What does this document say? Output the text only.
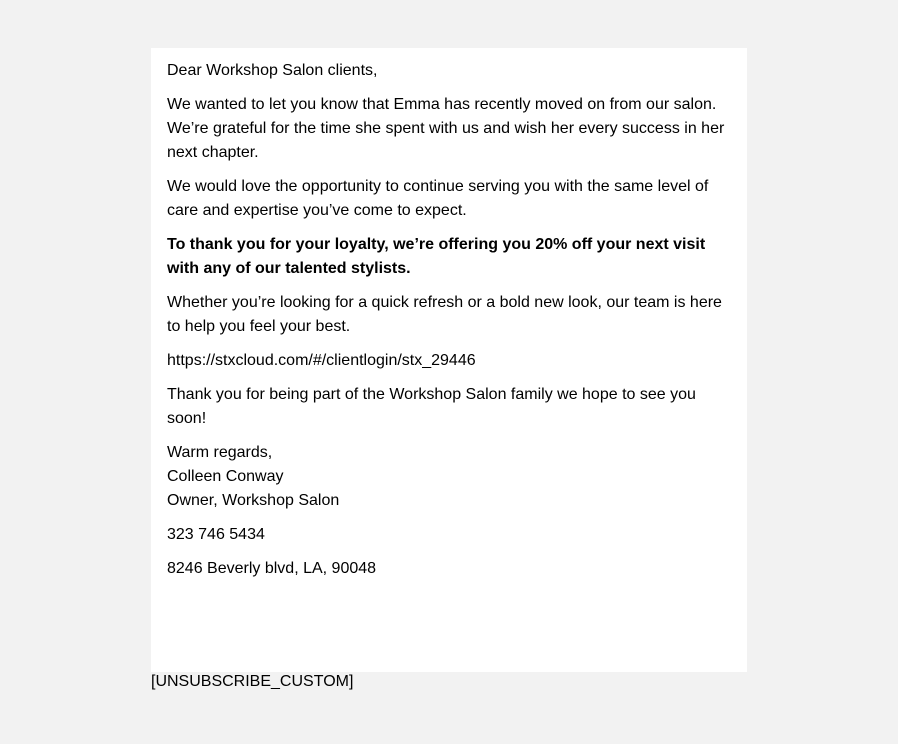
Dear Workshop Salon clients,

We wanted to let you know that Emma has recently moved on from our salon. We’re grateful for the time she spent with us and wish her every success in her next chapter.

We would love the opportunity to continue serving you with the same level of care and expertise you’ve come to expect.

To thank you for your loyalty, we’re offering you 20% off your next visit with any of our talented stylists.

Whether you’re looking for a quick refresh or a bold new look, our team is here to help you feel your best.

https://stxcloud.com/#/clientlogin/stx_29446

Thank you for being part of the Workshop Salon family we hope to see you soon!

Warm regards,
Colleen Conway
Owner, Workshop Salon

323 746 5434

8246 Beverly blvd, LA, 90048

[UNSUBSCRIBE_CUSTOM]
